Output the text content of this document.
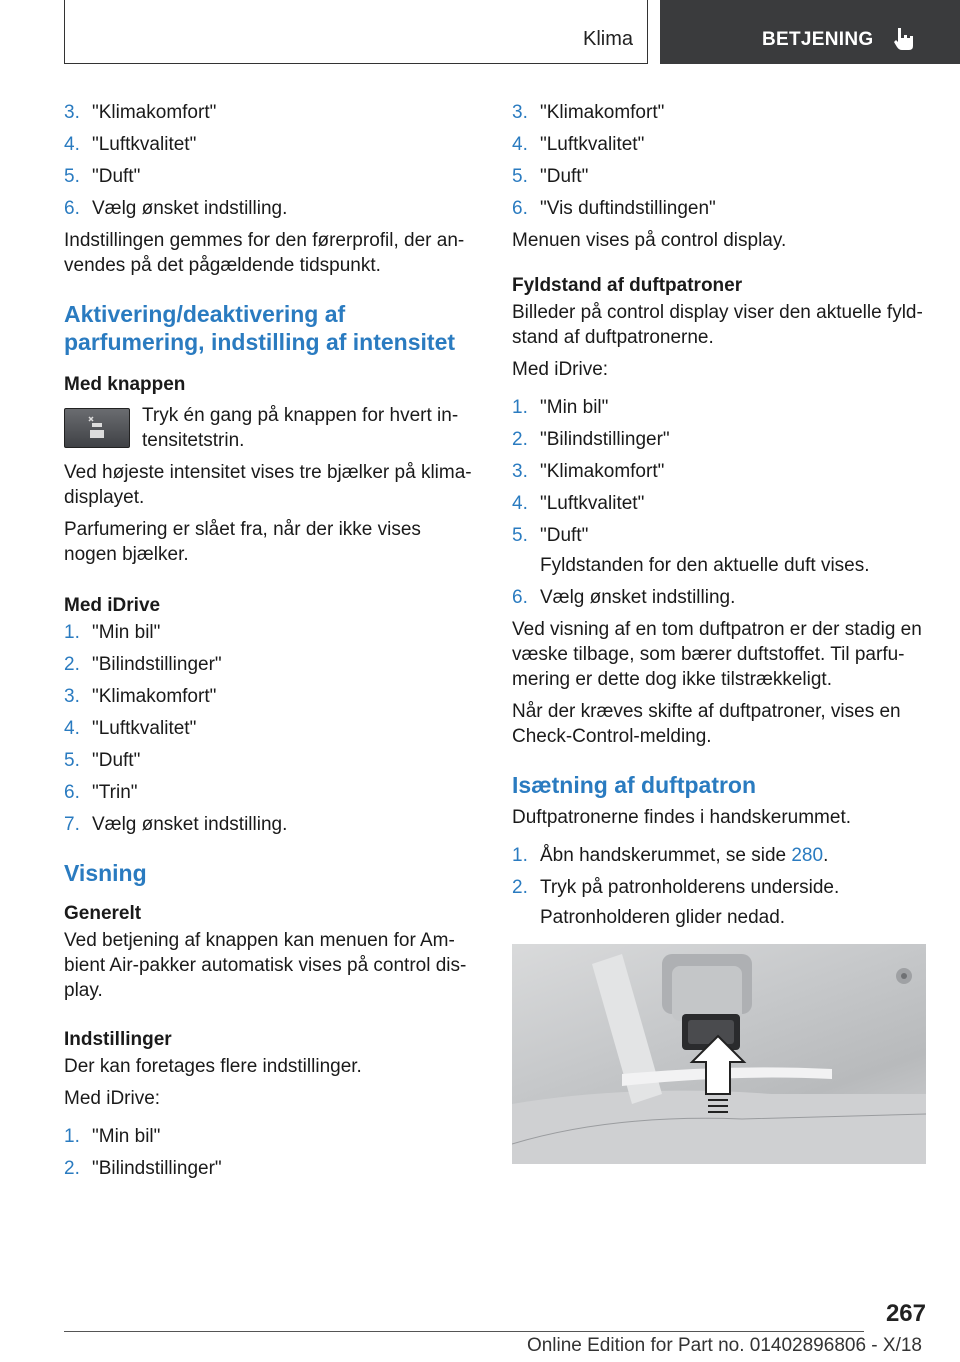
Klima	BETJENING
3. "Klimakomfort"
4. "Luftkvalitet"
5. "Duft"
6. Vælg ønsket indstilling.

Indstillingen gemmes for den førerprofil, der anvendes på det pågældende tidspunkt.

Aktivering/deaktivering af parfumering, indstilling af intensitet
Med knappen
Tryk én gang på knappen for hvert intensitetstrin.

Ved højeste intensitet vises tre bjælker på klimadisplayet.

Parfumering er slået fra, når der ikke vises nogen bjælker.

Med iDrive
1. "Min bil"
2. "Bilindstillinger"
3. "Klimakomfort"
4. "Luftkvalitet"
5. "Duft"
6. "Trin"
7. Vælg ønsket indstilling.
Visning
Generelt

Ved betjening af knappen kan menuen for Ambient Air-pakker automatisk vises på control display.

Indstillinger

Der kan foretages flere indstillinger.

Med iDrive:

1. "Min bil"
2. "Bilindstillinger"
3. "Klimakomfort"
4. "Luftkvalitet"
5. "Duft"
6. "Vis duftindstillingen"

Menuen vises på control display.

Fyldstand af duftpatroner

Billeder på control display viser den aktuelle fyldstand af duftpatronerne.

Med iDrive:

1. "Min bil"
2. "Bilindstillinger"
3. "Klimakomfort"
4. "Luftkvalitet"
5. "Duft"
Fyldstanden for den aktuelle duft vises.
6. Vælg ønsket indstilling.

Ved visning af en tom duftpatron er der stadig en væske tilbage, som bærer duftstoffet. Til parfumering er dette dog ikke tilstrækkeligt.

Når der kræves skifte af duftpatroner, vises en Check-Control-melding.

Isætning af duftpatron

Duftpatronerne findes i handskerummet.

1. Åbn handskerummet, se side 280.
2. Tryk på patronholderens underside.
Patronholderen glider nedad.
267
Online Edition for Part no. 01402896806 - X/18
